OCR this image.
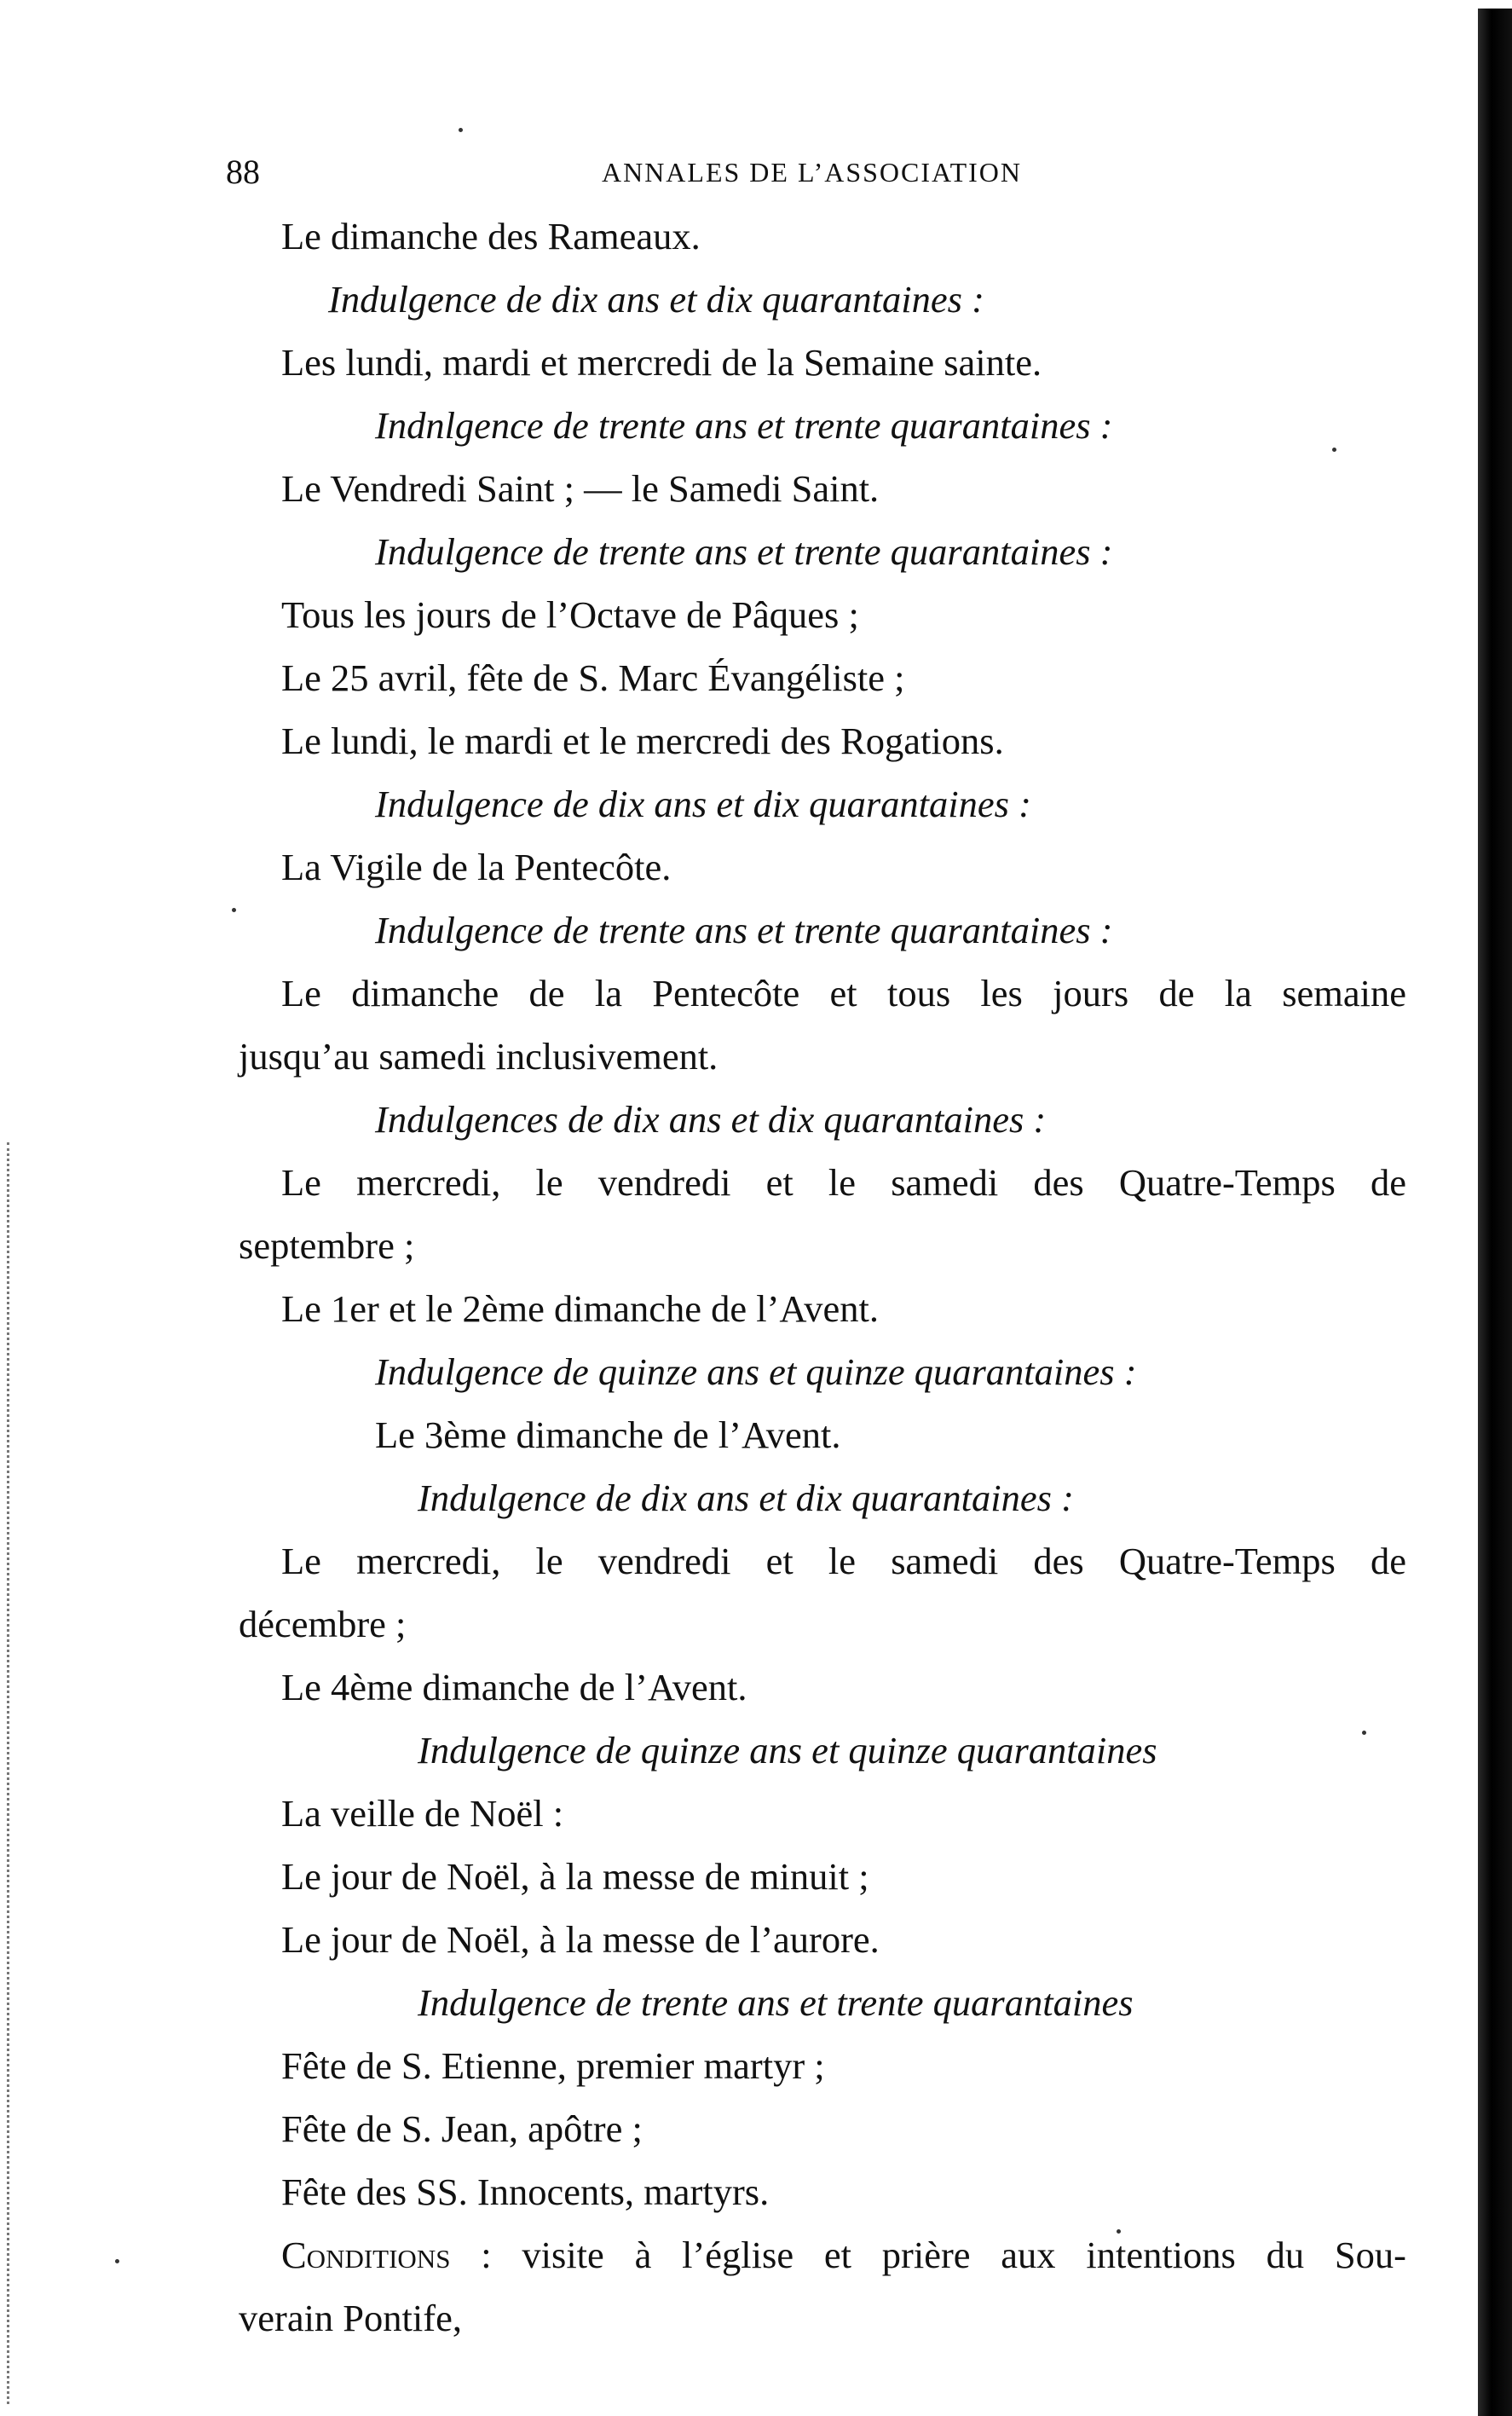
88	ANNALES DE L’ASSOCIATION
Le dimanche des Rameaux.
Indulgence de dix ans et dix quarantaines :
Les lundi, mardi et mercredi de la Semaine sainte.
Indnlgence de trente ans et trente quarantaines :
Le Vendredi Saint ; — le Samedi Saint.
Indulgence de trente ans et trente quarantaines :
Tous les jours de l’Octave de Pâques ;
Le 25 avril, fête de S. Marc Évangéliste ;
Le lundi, le mardi et le mercredi des Rogations.
Indulgence de dix ans et dix quarantaines :
La Vigile de la Pentecôte.
Indulgence de trente ans et trente quarantaines :
Le dimanche de la Pentecôte et tous les jours de la semaine
jusqu’au samedi inclusivement.
Indulgences de dix ans et dix quarantaines :
Le mercredi, le vendredi et le samedi des Quatre-Temps de
septembre ;
Le 1er et le 2ème dimanche de l’Avent.
Indulgence de quinze ans et quinze quarantaines :
Le 3ème dimanche de l’Avent.
Indulgence de dix ans et dix quarantaines :
Le mercredi, le vendredi et le samedi des Quatre-Temps de
décembre ;
Le 4ème dimanche de l’Avent.
Indulgence de quinze ans et quinze quarantaines
La veille de Noël :
Le jour de Noël, à la messe de minuit ;
Le jour de Noël, à la messe de l’aurore.
Indulgence de trente ans et trente quarantaines
Fête de S. Etienne, premier martyr ;
Fête de S. Jean, apôtre ;
Fête des SS. Innocents, martyrs.
Conditions : visite à l’église et prière aux intentions du Sou-
verain Pontife,
